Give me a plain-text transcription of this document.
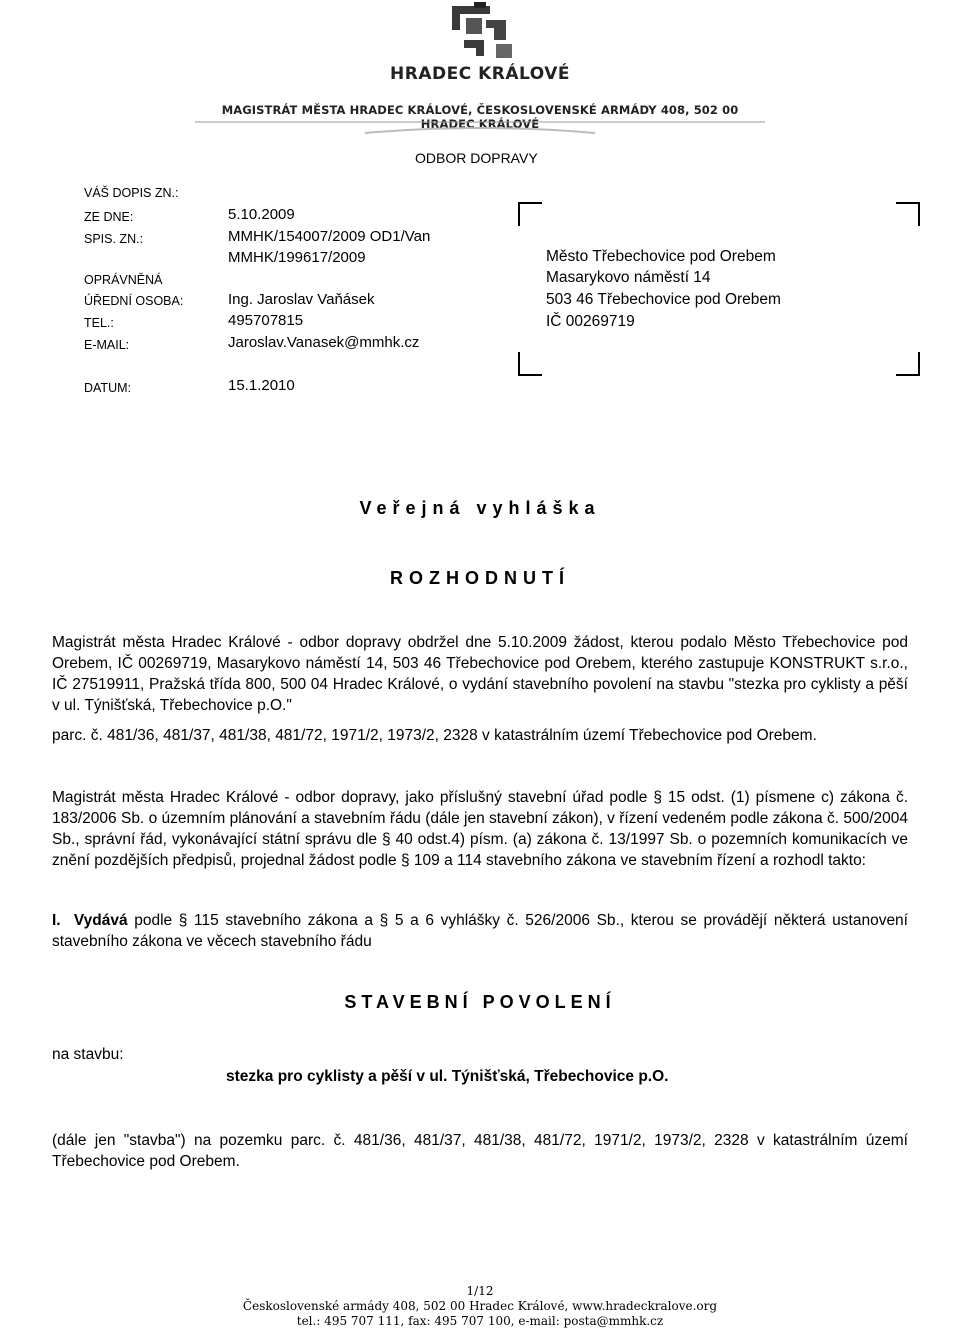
HRADEC KRÁLOVÉ
MAGISTRÁT MĚSTA HRADEC KRÁLOVÉ, ČESKOSLOVENSKÉ ARMÁDY 408, 502 00 HRADEC KRÁLOVÉ
ODBOR DOPRAVY
VÁŠ DOPIS ZN.:
ZE DNE:
SPIS. ZN.:
OPRÁVNĚNÁ
ÚŘEDNÍ OSOBA:
TEL.:
E-MAIL:
DATUM:
5.10.2009
MMHK/154007/2009 OD1/Van
MMHK/199617/2009
Ing. Jaroslav Vaňásek
495707815
Jaroslav.Vanasek@mmhk.cz
15.1.2010
Město Třebechovice pod Orebem
Masarykovo náměstí 14
503 46 Třebechovice pod Orebem
IČ 00269719
Veřejná vyhláška
ROZHODNUTÍ

Magistrát města Hradec Králové - odbor dopravy obdržel dne 5.10.2009 žádost, kterou podalo Město Třebechovice pod Orebem, IČ 00269719, Masarykovo náměstí 14, 503 46 Třebechovice pod Orebem, kterého zastupuje KONSTRUKT s.r.o., IČ 27519911, Pražská třída 800, 500 04 Hradec Králové, o vydání stavebního povolení na stavbu "stezka pro cyklisty a pěší v ul. Týnišťská, Třebechovice p.O."

parc. č. 481/36, 481/37, 481/38, 481/72, 1971/2, 1973/2, 2328 v katastrálním území Třebechovice pod Orebem.

Magistrát města Hradec Králové - odbor dopravy, jako příslušný stavební úřad podle § 15 odst. (1) písmene c) zákona č. 183/2006 Sb. o územním plánování a stavebním řádu (dále jen stavební zákon), v řízení vedeném podle zákona č. 500/2004 Sb., správní řád, vykonávající státní správu dle § 40 odst.4) písm. (a) zákona č. 13/1997 Sb. o pozemních komunikacích ve znění pozdějších předpisů, projednal žádost podle § 109 a 114 stavebního zákona ve stavebním řízení a rozhodl takto:

I. Vydává podle § 115 stavebního zákona a § 5 a 6 vyhlášky č. 526/2006 Sb., kterou se provádějí některá ustanovení stavebního zákona ve věcech stavebního řádu

STAVEBNÍ POVOLENÍ
na stavbu:
stezka pro cyklisty a pěší v ul. Týnišťská, Třebechovice p.O.

(dále jen "stavba") na pozemku parc. č. 481/36, 481/37, 481/38, 481/72, 1971/2, 1973/2, 2328 v katastrálním území Třebechovice pod Orebem.

1/12
Československé armády 408, 502 00 Hradec Králové, www.hradeckralove.org
tel.: 495 707 111, fax: 495 707 100, e-mail: posta@mmhk.cz
